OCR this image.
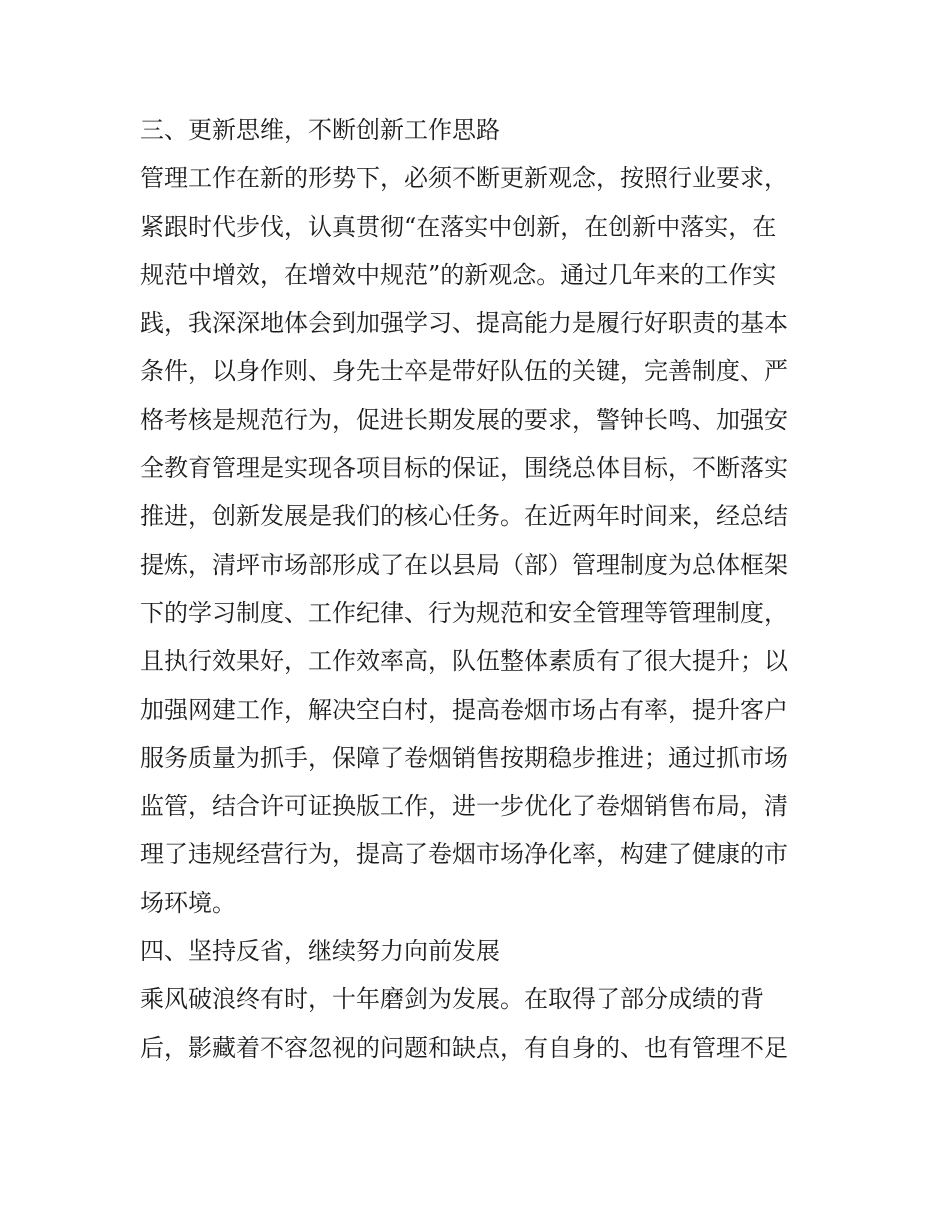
三、更新思维，不断创新工作思路
管理工作在新的形势下，必须不断更新观念，按照行业要求，
紧跟时代步伐，认真贯彻“在落实中创新，在创新中落实，在
规范中增效，在增效中规范”的新观念。通过几年来的工作实
践，我深深地体会到加强学习、提高能力是履行好职责的基本
条件，以身作则、身先士卒是带好队伍的关键，完善制度、严
格考核是规范行为，促进长期发展的要求，警钟长鸣、加强安
全教育管理是实现各项目标的保证，围绕总体目标，不断落实
推进，创新发展是我们的核心任务。在近两年时间来，经总结
提炼，清坪市场部形成了在以县局（部）管理制度为总体框架
下的学习制度、工作纪律、行为规范和安全管理等管理制度，
且执行效果好，工作效率高，队伍整体素质有了很大提升；以
加强网建工作，解决空白村，提高卷烟市场占有率，提升客户
服务质量为抓手，保障了卷烟销售按期稳步推进；通过抓市场
监管，结合许可证换版工作，进一步优化了卷烟销售布局，清
理了违规经营行为，提高了卷烟市场净化率，构建了健康的市
场环境。
四、坚持反省，继续努力向前发展
乘风破浪终有时，十年磨剑为发展。在取得了部分成绩的背
后，影藏着不容忽视的问题和缺点，有自身的、也有管理不足
